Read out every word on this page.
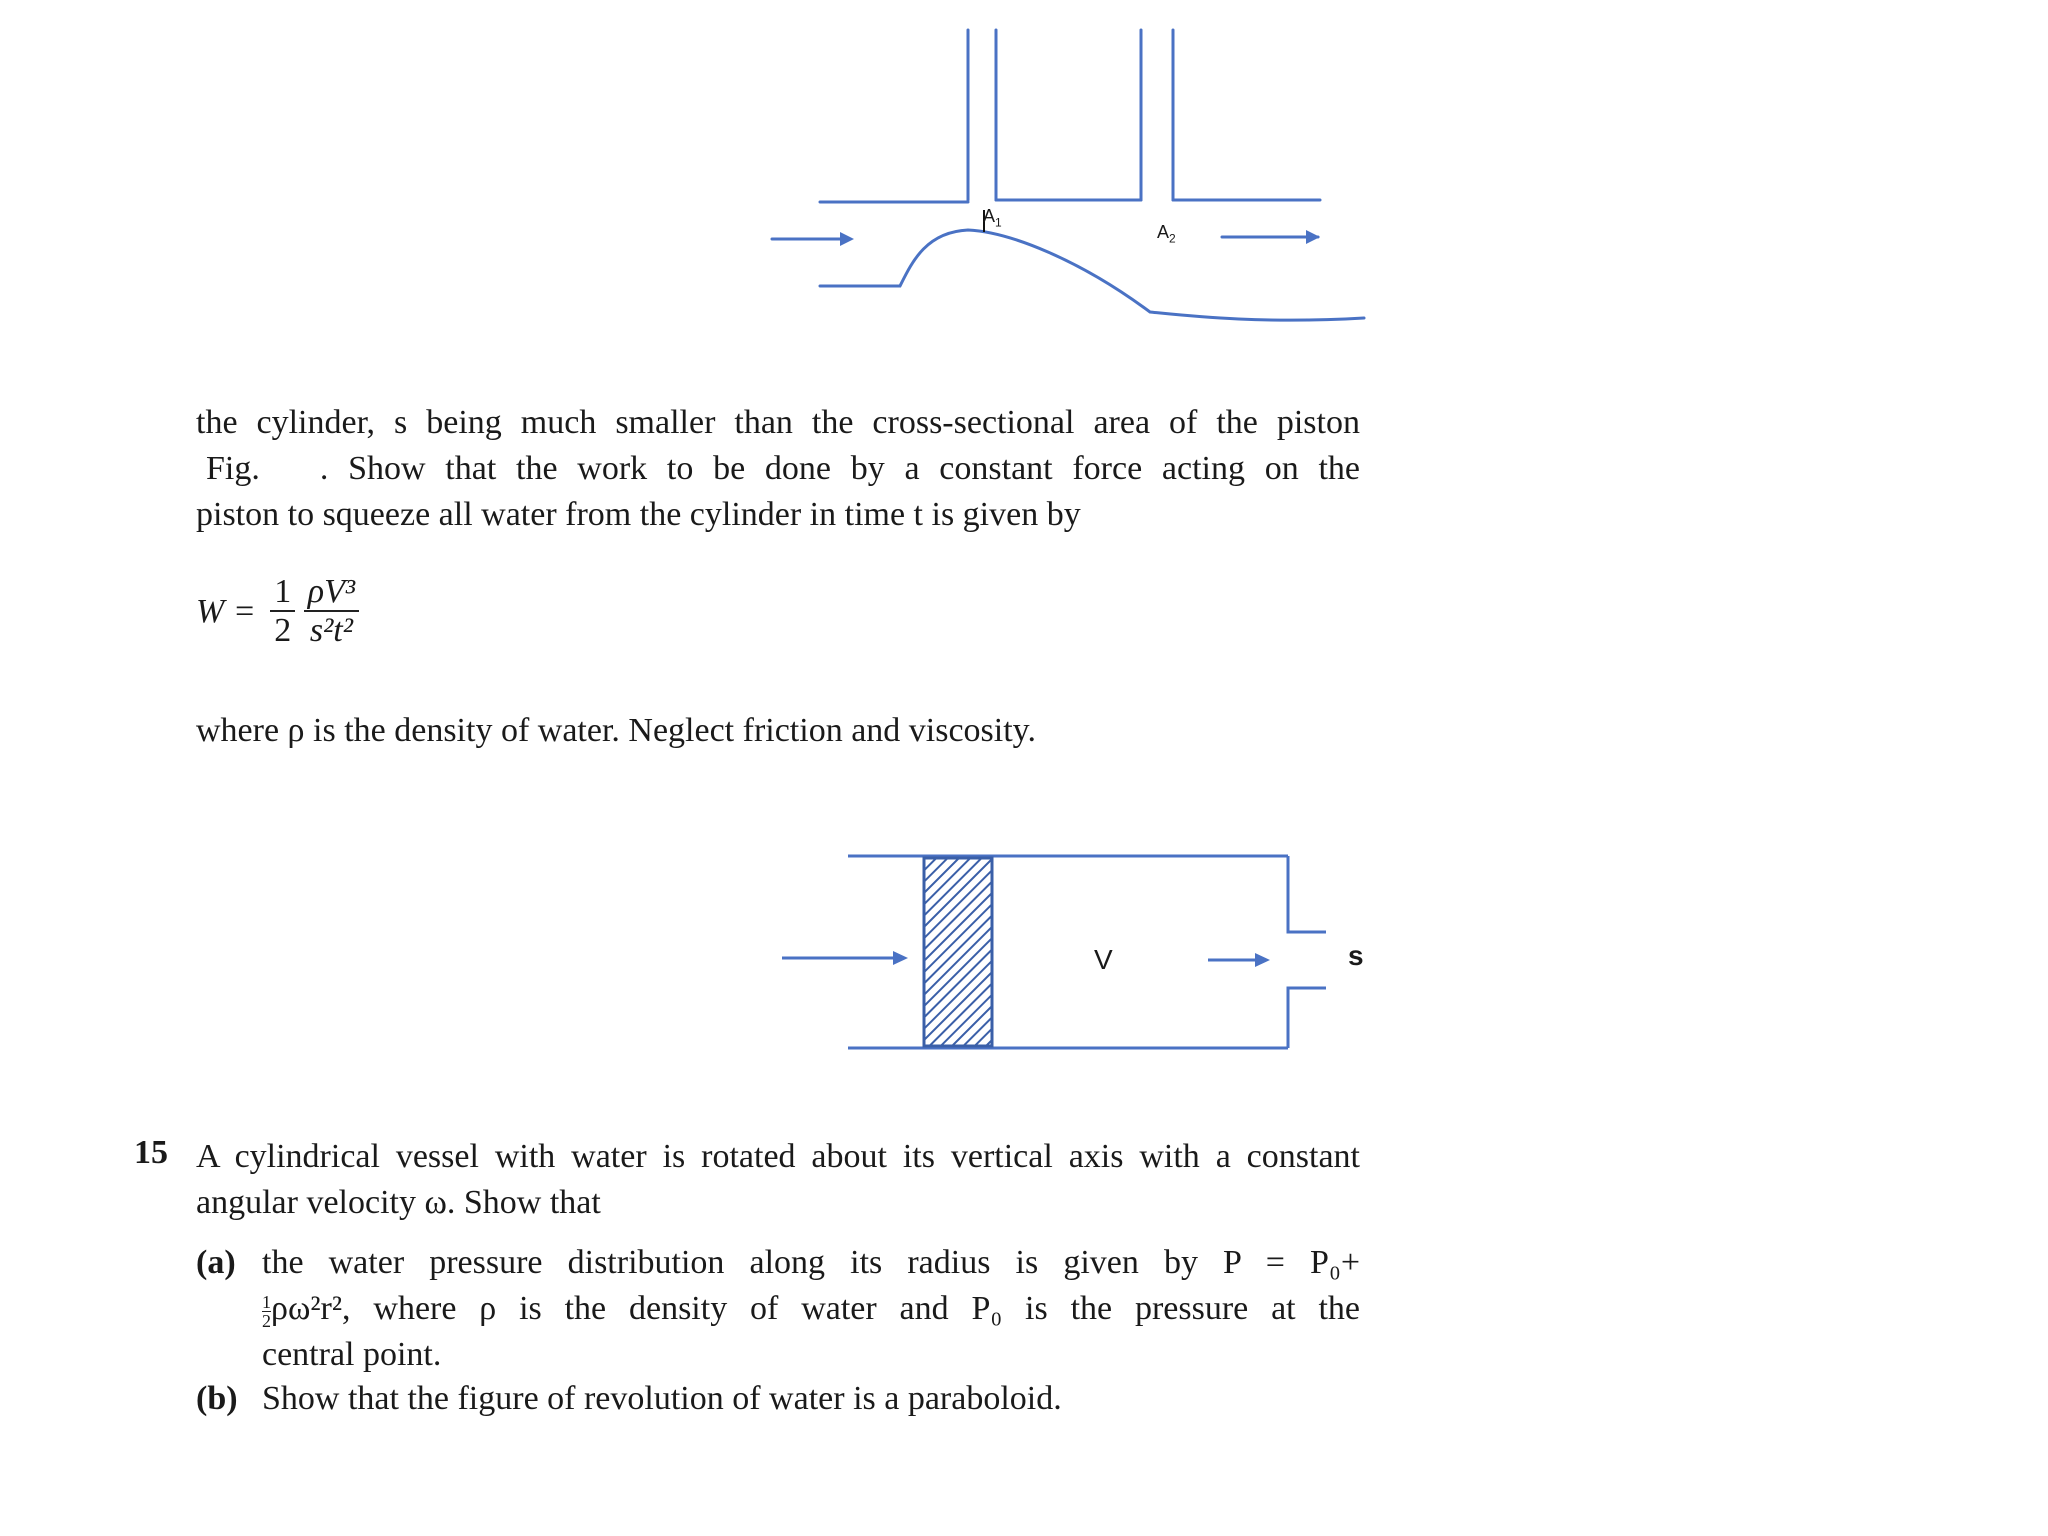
$A_1$	$A_2$
the cylinder, s being much smaller than the cross-sectional area of the piston
Fig. . Show that the work to be done by a constant force acting on the
piston to squeeze all water from the cylinder in time t is given by
$W = \frac{1}{2}$
$\frac{\text{ρV³}}{\text{s²t²}}$
where ρ is the density of water. Neglect friction and viscosity.
V	s
15 A cylindrical vessel with water is rotated about its vertical axis with a constant
angular velocity ω. Show that
(a) the water pressure distribution along its radius is given by P = P₀+
$\frac{1}{2} \rho\omega^2r^2$, where ρ is the density of water and P₀ is the pressure at the
central point.
(b) Show that the figure of revolution of water is a paraboloid.
